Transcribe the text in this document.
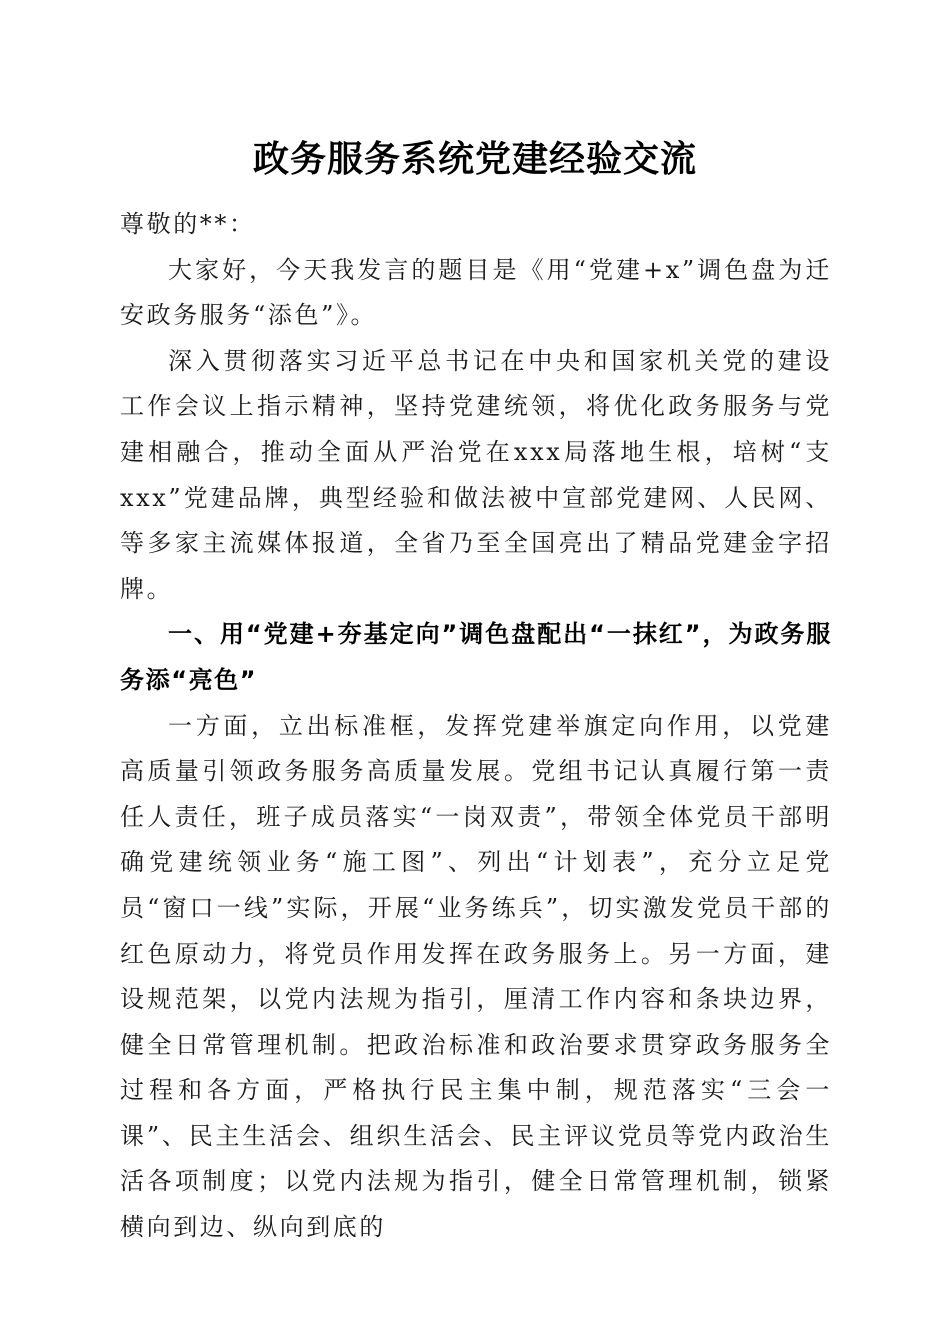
政务服务系统党建经验交流

尊敬的**：

大家好，今天我发言的题目是《用“党建+x”调色盘为迁安政务服务“添色”》。

深入贯彻落实习近平总书记在中央和国家机关党的建设工作会议上指示精神，坚持党建统领，将优化政务服务与党建相融合，推动全面从严治党在xxx局落地生根，培树“支xxx”党建品牌，典型经验和做法被中宣部党建网、人民网、等多家主流媒体报道，全省乃至全国亮出了精品党建金字招牌。

一、用“党建+夯基定向”调色盘配出“一抹红”，为政务服务添“亮色”

一方面，立出标准框，发挥党建举旗定向作用，以党建高质量引领政务服务高质量发展。党组书记认真履行第一责任人责任，班子成员落实“一岗双责”，带领全体党员干部明确党建统领业务“施工图”、列出“计划表”，充分立足党员“窗口一线”实际，开展“业务练兵”，切实激发党员干部的红色原动力，将党员作用发挥在政务服务上。另一方面，建设规范架，以党内法规为指引，厘清工作内容和条块边界，健全日常管理机制。把政治标准和政治要求贯穿政务服务全过程和各方面，严格执行民主集中制，规范落实“三会一课”、民主生活会、组织生活会、民主评议党员等党内政治生活各项制度；以党内法规为指引，健全日常管理机制，锁紧横向到边、纵向到底的
